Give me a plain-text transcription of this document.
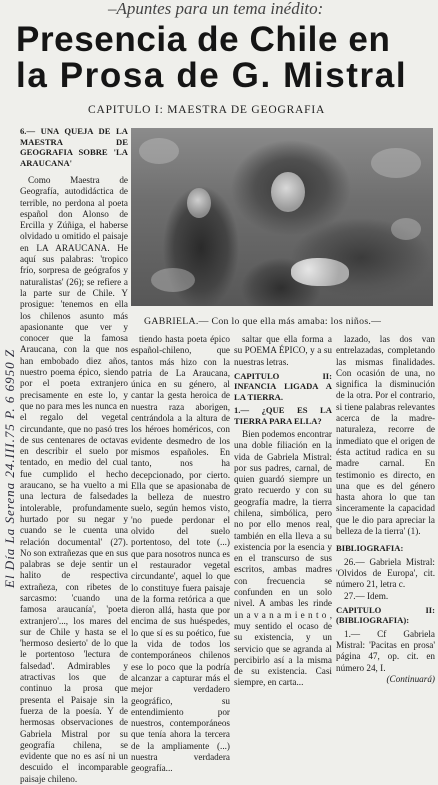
–Apuntes para un tema inédito:
Presencia de Chile en
la Prosa de G. Mistral
CAPITULO I: MAESTRA DE GEOGRAFIA
El Día La Serena 24.III.75 P. 6 6950 Z
6.— UNA QUEJA DE LA MAESTRA DE GEOGRAFIA SOBRE 'LA ARAUCANA'

Como Maestra de Geografía, autodidáctica de terrible, no perdona al poeta español don Alonso de Ercilla y Zúñiga, el haberse olvidado u omitido el paisaje en LA ARAUCANA. He aquí sus palabras: 'tropico frío, sorpresa de geógrafos y naturalistas' (26); se refiere a la parte sur de Chile. Y prosigue: 'tenemos en ella los chilenos asunto más apasionante que ver y conocer que la famosa Araucana, con la que nos han embobado diez años, nuestro poema épico, siendo por el poeta extranjero precisamente en este lo, y que no para mes les nunca en el regalo del vegetal circundante, que no pasó tres de sus centenares de octavas en describir el suelo por tentado, en medio del cual fue cumplido el hecho araucano, se ha vuelto a mi una lectura de falsedades intolerable, profundamente hurtado por su negar y cuando se le cuenta una relación documental' (27). No son extrañezas que en sus palabras se deje sentir un halito de respectiva extrañeza, con ribetes de sarcasmo: 'cuando una famosa araucanía', 'poeta extranjero'..., los mares del sur de Chile y hasta se el 'hermoso desierto' de lo que le portentoso 'lectura de falsedad'. Admirables y atractivas los que de continuo la prosa que presenta el Paisaje sin la fuerza de la poesía. Y de hermosas observaciones de Gabriela Mistral por su geografía chilena, se evidente que no es así ni un descuido el incomparable paisaje chileno.

GABRIELA.— Con lo que ella más amaba: los niños.—

tiendo hasta poeta épico español-chileno, que tantos más hizo con la patria de La Araucana, única en su género, al cantar la gesta heroica de nuestra raza aborigen, centrándola a la altura de los héroes homéricos, con evidente desmedro de los mismos españoles. En tanto, nos ha decepcionado, por cierto. Ella que se apasionaba de la belleza de nuestro suelo, según hemos visto, 'no puede perdonar el olvido del suelo portentoso, del tote (...) que para nosotros nunca es el restaurador vegetal circundante', aquel lo que lo constituye fuera paisaje de la forma retórica a que dieron allá, hasta que por encima de sus huéspedes, lo que sí es su poético, fue la vida de todos los contemporáneos chilenos ese lo poco que la podría alcanzar a capturar más el mejor verdadero geográfico, su entendimiento por nuestros, contemporáneos que tenía ahora la tercera de la ampliamente (...) nuestra verdadera geografía...

saltar que ella forma a su POEMA ÉPICO, y a su nuestras letras.

CAPITULO II: INFANCIA LIGADA A LA TIERRA.
1.— ¿QUE ES LA TIERRA PARA ELLA?

Bien podemos encontrar una doble filiación en la vida de Gabriela Mistral: por sus padres, carnal, de quien guardó siempre un grato recuerdo y con su geografía madre, la tierra chilena, simbólica, pero no por ello menos real, también en ella lleva a su existencia por la esencia y en el transcurso de sus escritos, ambas madres con frecuencia se confunden en un solo nivel. A ambas les rinde un a v a n a m i e n t o , muy sentido el ocaso de su existencia, y un servicio que se agranda al percibirlo así a la misma de su existencia. Casi siempre, en carta...

lazado, las dos van entrelazadas, completando las mismas finalidades. Con ocasión de una, no significa la disminución de la otra. Por el contrario, si tiene palabras relevantes acerca de la madre-naturaleza, recorre de inmediato que el origen de ésta actitud radica en su madre carnal. En testimonio es directo, en una que es del género hasta ahora lo que tan sinceramente la capacidad que le dio para apreciar la belleza de la tierra' (1).

BIBLIOGRAFIA:

26.— Gabriela Mistral: 'Olvidos de Europa', cit. número 21, letra c.

27.— Idem.

CAPITULO II: (BIBLIOGRAFIA):

1.— Cf Gabriela Mistral: 'Pacitas en prosa' página 47, op. cit. en número 24, I.

(Continuará)
